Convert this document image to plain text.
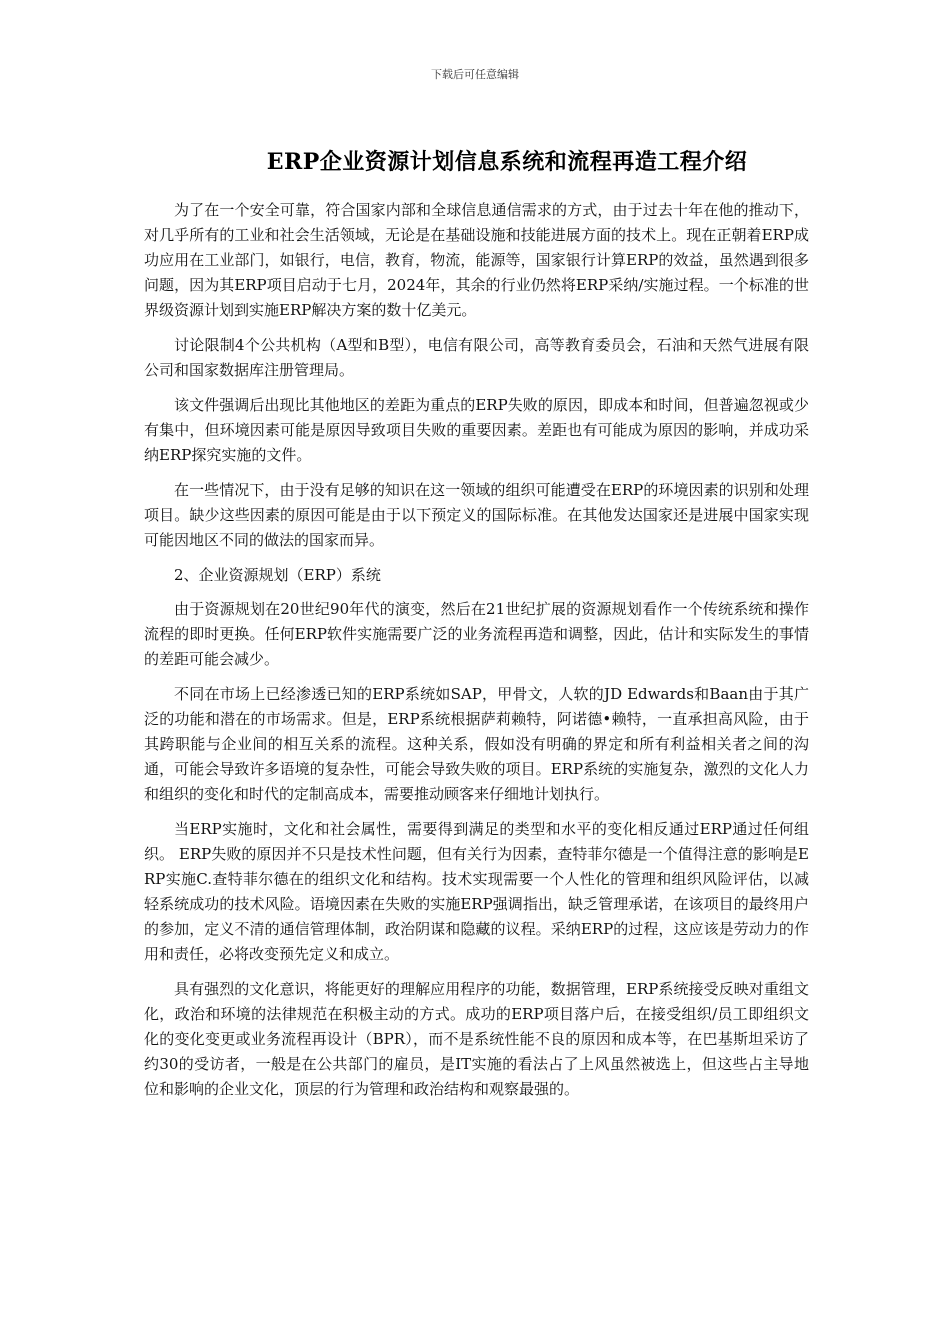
下载后可任意编辑
ERP企业资源计划信息系统和流程再造工程介绍

为了在一个安全可靠，符合国家内部和全球信息通信需求的方式，由于过去十年在他的推动下，对几乎所有的工业和社会生活领域，无论是在基础设施和技能进展方面的技术上。现在正朝着ERP成功应用在工业部门，如银行，电信，教育，物流，能源等，国家银行计算ERP的效益，虽然遇到很多问题，因为其ERP项目启动于七月，2024年，其余的行业仍然将ERP采纳/实施过程。一个标准的世界级资源计划到实施ERP解决方案的数十亿美元。

讨论限制4个公共机构（A型和B型），电信有限公司，高等教育委员会，石油和天然气进展有限公司和国家数据库注册管理局。

该文件强调后出现比其他地区的差距为重点的ERP失败的原因，即成本和时间，但普遍忽视或少有集中，但环境因素可能是原因导致项目失败的重要因素。差距也有可能成为原因的影响，并成功采纳ERP探究实施的文件。

在一些情况下，由于没有足够的知识在这一领域的组织可能遭受在ERP的环境因素的识别和处理项目。缺少这些因素的原因可能是由于以下预定义的国际标准。在其他发达国家还是进展中国家实现可能因地区不同的做法的国家而异。

2、企业资源规划（ERP）系统

由于资源规划在20世纪90年代的演变，然后在21世纪扩展的资源规划看作一个传统系统和操作流程的即时更换。任何ERP软件实施需要广泛的业务流程再造和调整，因此，估计和实际发生的事情的差距可能会减少。

不同在市场上已经渗透已知的ERP系统如SAP，甲骨文，人软的JD Edwards和Baan由于其广泛的功能和潜在的市场需求。但是，ERP系统根据萨莉赖特，阿诺德•赖特，一直承担高风险，由于其跨职能与企业间的相互关系的流程。这种关系，假如没有明确的界定和所有利益相关者之间的沟通，可能会导致许多语境的复杂性，可能会导致失败的项目。ERP系统的实施复杂，激烈的文化人力和组织的变化和时代的定制高成本，需要推动顾客来仔细地计划执行。

当ERP实施时，文化和社会属性，需要得到满足的类型和水平的变化相反通过ERP通过任何组织。 ERP失败的原因并不只是技术性问题，但有关行为因素，查特菲尔德是一个值得注意的影响是ERP实施C.查特菲尔德在的组织文化和结构。技术实现需要一个人性化的管理和组织风险评估，以减轻系统成功的技术风险。语境因素在失败的实施ERP强调指出，缺乏管理承诺，在该项目的最终用户的参加，定义不清的通信管理体制，政治阴谋和隐藏的议程。采纳ERP的过程，这应该是劳动力的作用和责任，必将改变预先定义和成立。

具有强烈的文化意识，将能更好的理解应用程序的功能，数据管理，ERP系统接受反映对重组文化，政治和环境的法律规范在积极主动的方式。成功的ERP项目落户后，在接受组织/员工即组织文化的变化变更或业务流程再设计（BPR），而不是系统性能不良的原因和成本等，在巴基斯坦采访了约30的受访者，一般是在公共部门的雇员，是IT实施的看法占了上风虽然被选上，但这些占主导地位和影响的企业文化，顶层的行为管理和政治结构和观察最强的。
